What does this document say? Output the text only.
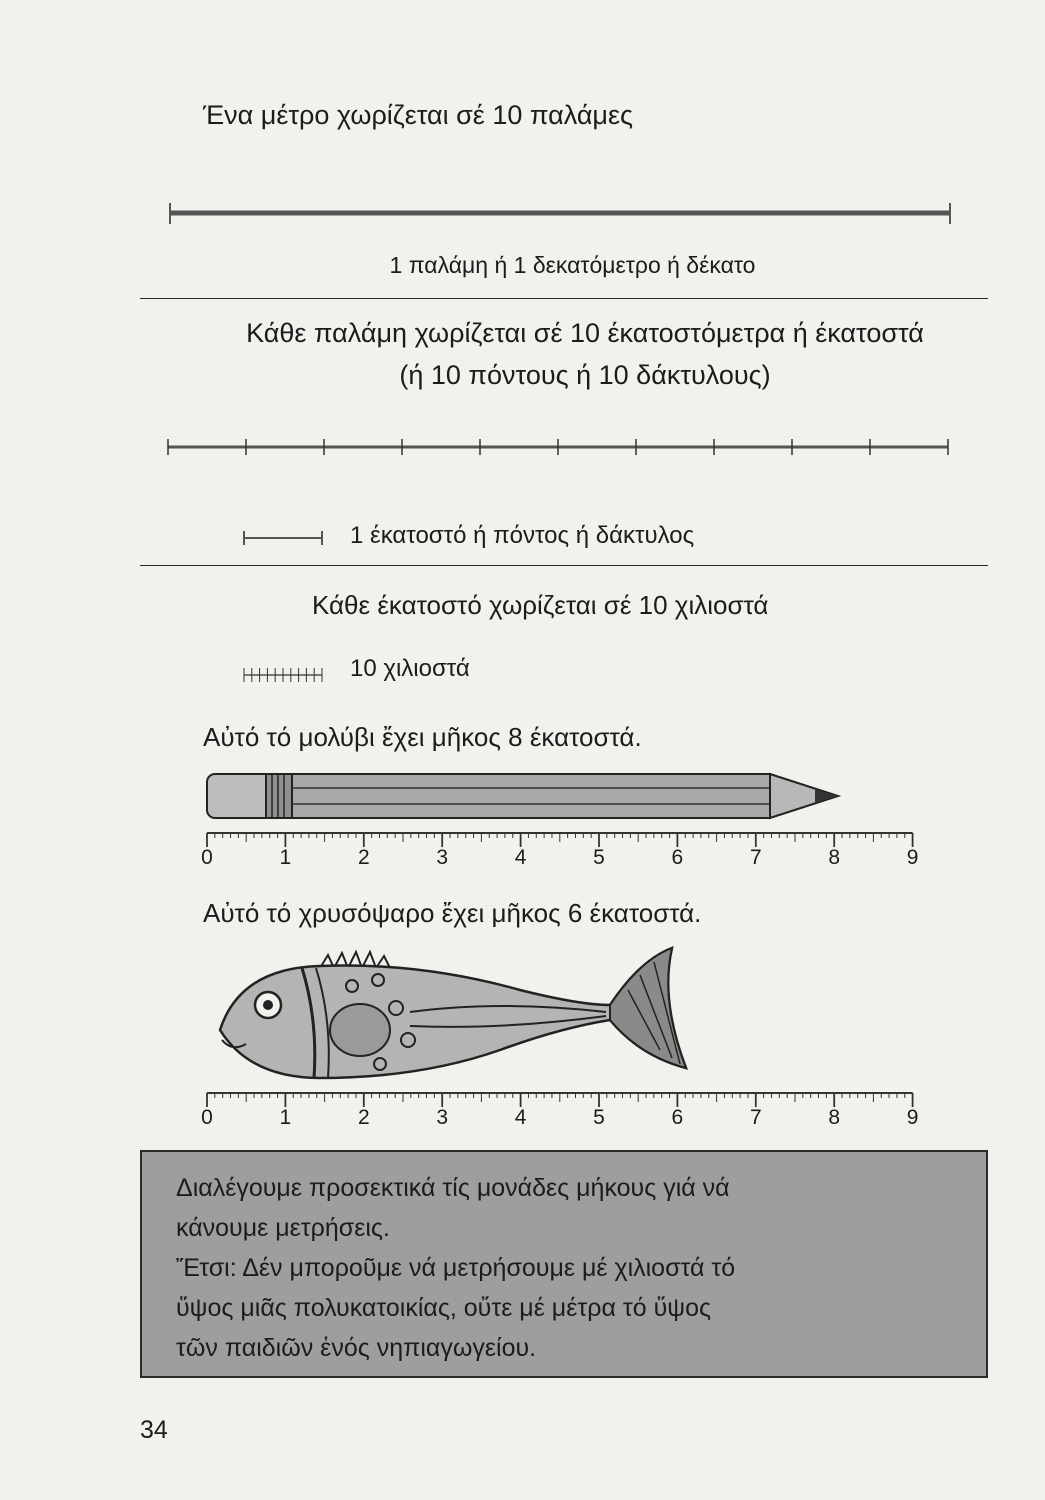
Ένα μέτρο χωρίζεται σέ 10 παλάμες
1 παλάμη ή 1 δεκατόμετρο ή δέκατο
Κάθε παλάμη χωρίζεται σέ 10 έκατοστόμετρα ή έκατοστά
(ή 10 πόντους ή 10 δάκτυλους)
1 έκατοστό ή πόντος ή δάκτυλος
Κάθε έκατοστό χωρίζεται σέ 10 χιλιοστά
10 χιλιοστά
Αὐτό τό μολύβι ἔχει μῆκος 8 έκατοστά.
Αὐτό τό χρυσόψαρο ἔχει μῆκος 6 έκατοστά.
0	1	2	3	4	5	6	7	8	9
0	1	2	3	4	5	6	7	8	9

Διαλέγουμε προσεκτικά τίς μονάδες μήκους γιά νά

κάνουμε μετρήσεις.

Ἔτσι: Δέν μποροῦμε νά μετρήσουμε μέ χιλιοστά τό

ὕψος μιᾶς πολυκατοικίας, οὔτε μέ μέτρα τό ὕψος

τῶν παιδιῶν ἑνός νηπιαγωγείου.

34
